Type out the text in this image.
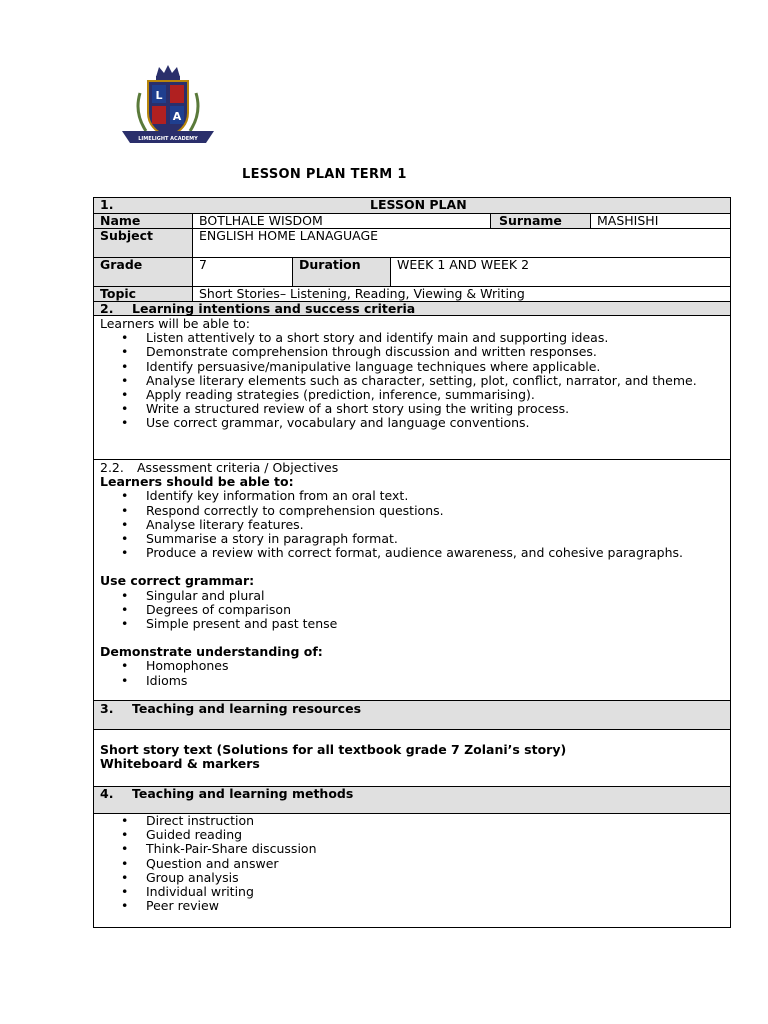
L
A
LIMELIGHT ACADEMY
LESSON PLAN TERM 1
1.	LESSON PLAN
Name	BOTLHALE WISDOM	Surname	MASHISHI
Subject	ENGLISH HOME LANAGUAGE
Grade	7	Duration	WEEK 1 AND WEEK 2
Topic	Short Stories– Listening, Reading, Viewing & Writing
2. Learning intentions and success criteria
Learners will be able to:
• Listen attentively to a short story and identify main and supporting ideas.
• Demonstrate comprehension through discussion and written responses.
• Identify persuasive/manipulative language techniques where applicable.
• Analyse literary elements such as character, setting, plot, conflict, narrator, and theme.
• Apply reading strategies (prediction, inference, summarising).
• Write a structured review of a short story using the writing process.
• Use correct grammar, vocabulary and language conventions.
2.2. Assessment criteria / Objectives
Learners should be able to:
• Identify key information from an oral text.
• Respond correctly to comprehension questions.
• Analyse literary features.
• Summarise a story in paragraph format.
• Produce a review with correct format, audience awareness, and cohesive paragraphs.
Use correct grammar:
• Singular and plural
• Degrees of comparison
• Simple present and past tense
Demonstrate understanding of:
• Homophones
• Idioms
3. Teaching and learning resources
Short story text (Solutions for all textbook grade 7 Zolani’s story)
Whiteboard & markers
4. Teaching and learning methods
• Direct instruction
• Guided reading
• Think-Pair-Share discussion
• Question and answer
• Group analysis
• Individual writing
• Peer review
